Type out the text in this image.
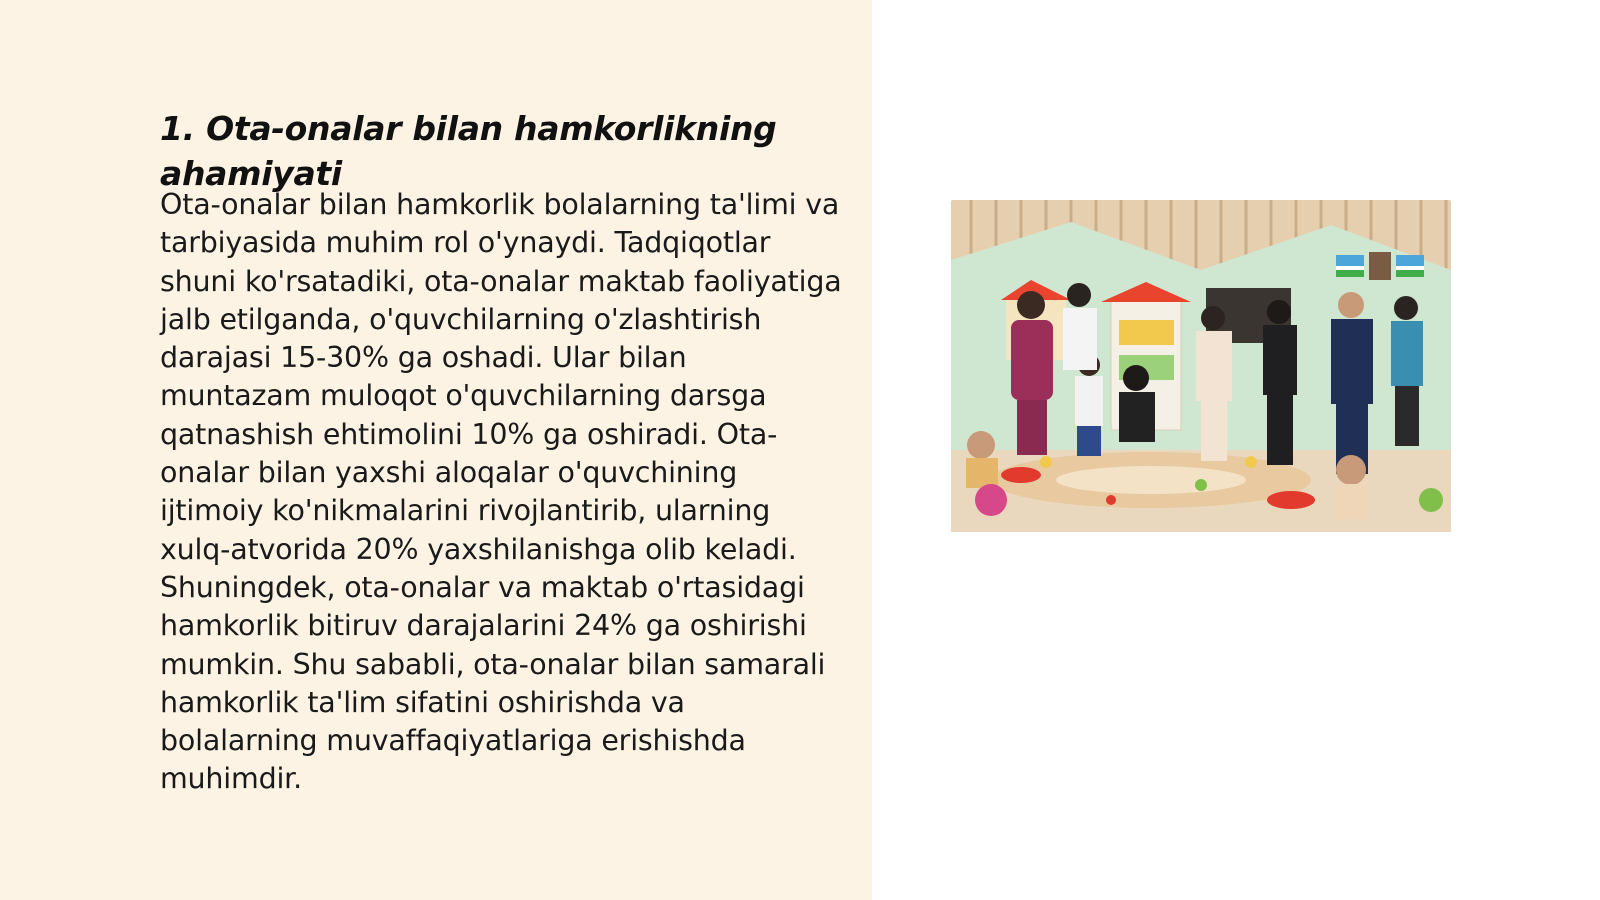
1. Ota-onalar bilan hamkorlikning ahamiyati

Ota-onalar bilan hamkorlik bolalarning ta'limi va tarbiyasida muhim rol o'ynaydi. Tadqiqotlar shuni ko'rsatadiki, ota-onalar maktab faoliyatiga jalb etilganda, o'quvchilarning o'zlashtirish darajasi 15-30% ga oshadi. Ular bilan muntazam muloqot o'quvchilarning darsga qatnashish ehtimolini 10% ga oshiradi. Ota-onalar bilan yaxshi aloqalar o'quvchining ijtimoiy ko'nikmalarini rivojlantirib, ularning xulq-atvorida 20% yaxshilanishga olib keladi. Shuningdek, ota-onalar va maktab o'rtasidagi hamkorlik bitiruv darajalarini 24% ga oshirishi mumkin. Shu sababli, ota-onalar bilan samarali hamkorlik ta'lim sifatini oshirishda va bolalarning muvaffaqiyatlariga erishishda muhimdir.
